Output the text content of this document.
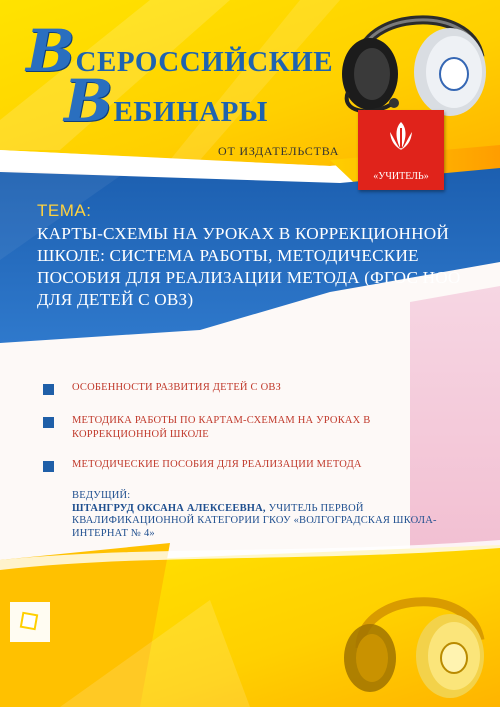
ВСЕРОССИЙСКИЕ
ВЕБИНАРЫ
ОТ ИЗДАТЕЛЬСТВА
«УЧИТЕЛЬ»
ТЕМА:
КАРТЫ-СХЕМЫ НА УРОКАХ В КОРРЕКЦИОННОЙ ШКОЛЕ: СИСТЕМА РАБОТЫ, МЕТОДИЧЕСКИЕ ПОСОБИЯ ДЛЯ РЕАЛИЗАЦИИ МЕТОДА (ФГОС НОО ДЛЯ ДЕТЕЙ С ОВЗ)
ОСОБЕННОСТИ РАЗВИТИЯ ДЕТЕЙ С ОВЗ
МЕТОДИКА РАБОТЫ ПО КАРТАМ-СХЕМАМ НА УРОКАХ В КОРРЕКЦИОННОЙ ШКОЛЕ
МЕТОДИЧЕСКИЕ ПОСОБИЯ ДЛЯ РЕАЛИЗАЦИИ МЕТОДА
ВЕДУЩИЙ:
ШТАНГРУД ОКСАНА АЛЕКСЕЕВНА, УЧИТЕЛЬ ПЕРВОЙ КВАЛИФИКАЦИОННОЙ КАТЕГОРИИ ГКОУ «ВОЛГОГРАДСКАЯ ШКОЛА-ИНТЕРНАТ № 4»
